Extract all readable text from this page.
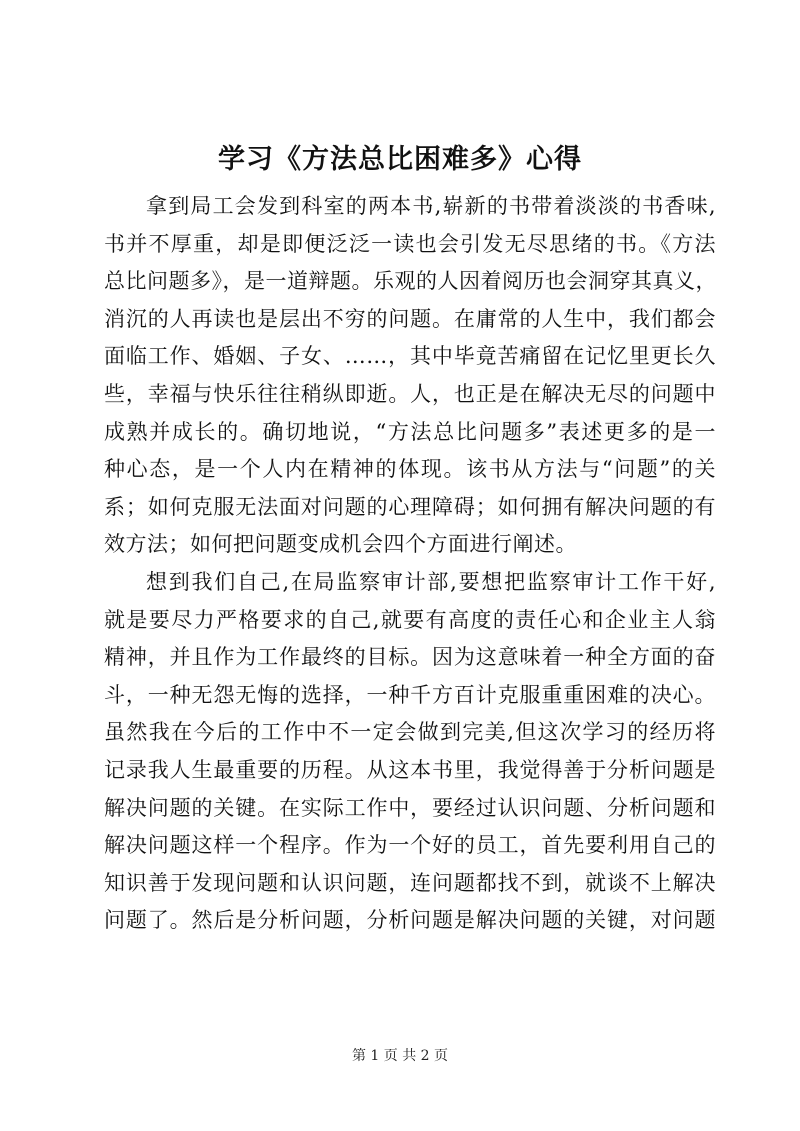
学习《方法总比困难多》心得
拿到局工会发到科室的两本书,崭新的书带着淡淡的书香味,
书并不厚重，却是即便泛泛一读也会引发无尽思绪的书。《方法
总比问题多》，是一道辩题。乐观的人因着阅历也会洞穿其真义，
消沉的人再读也是层出不穷的问题。在庸常的人生中，我们都会
面临工作、婚姻、子女、……，其中毕竟苦痛留在记忆里更长久
些，幸福与快乐往往稍纵即逝。人，也正是在解决无尽的问题中
成熟并成长的。确切地说，“方法总比问题多”表述更多的是一
种心态，是一个人内在精神的体现。该书从方法与“问题”的关
系；如何克服无法面对问题的心理障碍；如何拥有解决问题的有
效方法；如何把问题变成机会四个方面进行阐述。
想到我们自己,在局监察审计部,要想把监察审计工作干好,
就是要尽力严格要求的自己,就要有高度的责任心和企业主人翁
精神，并且作为工作最终的目标。因为这意味着一种全方面的奋
斗，一种无怨无悔的选择，一种千方百计克服重重困难的决心。
虽然我在今后的工作中不一定会做到完美,但这次学习的经历将
记录我人生最重要的历程。从这本书里，我觉得善于分析问题是
解决问题的关键。在实际工作中，要经过认识问题、分析问题和
解决问题这样一个程序。作为一个好的员工，首先要利用自己的
知识善于发现问题和认识问题，连问题都找不到，就谈不上解决
问题了。然后是分析问题，分析问题是解决问题的关键，对问题
第 1 页 共 2 页
